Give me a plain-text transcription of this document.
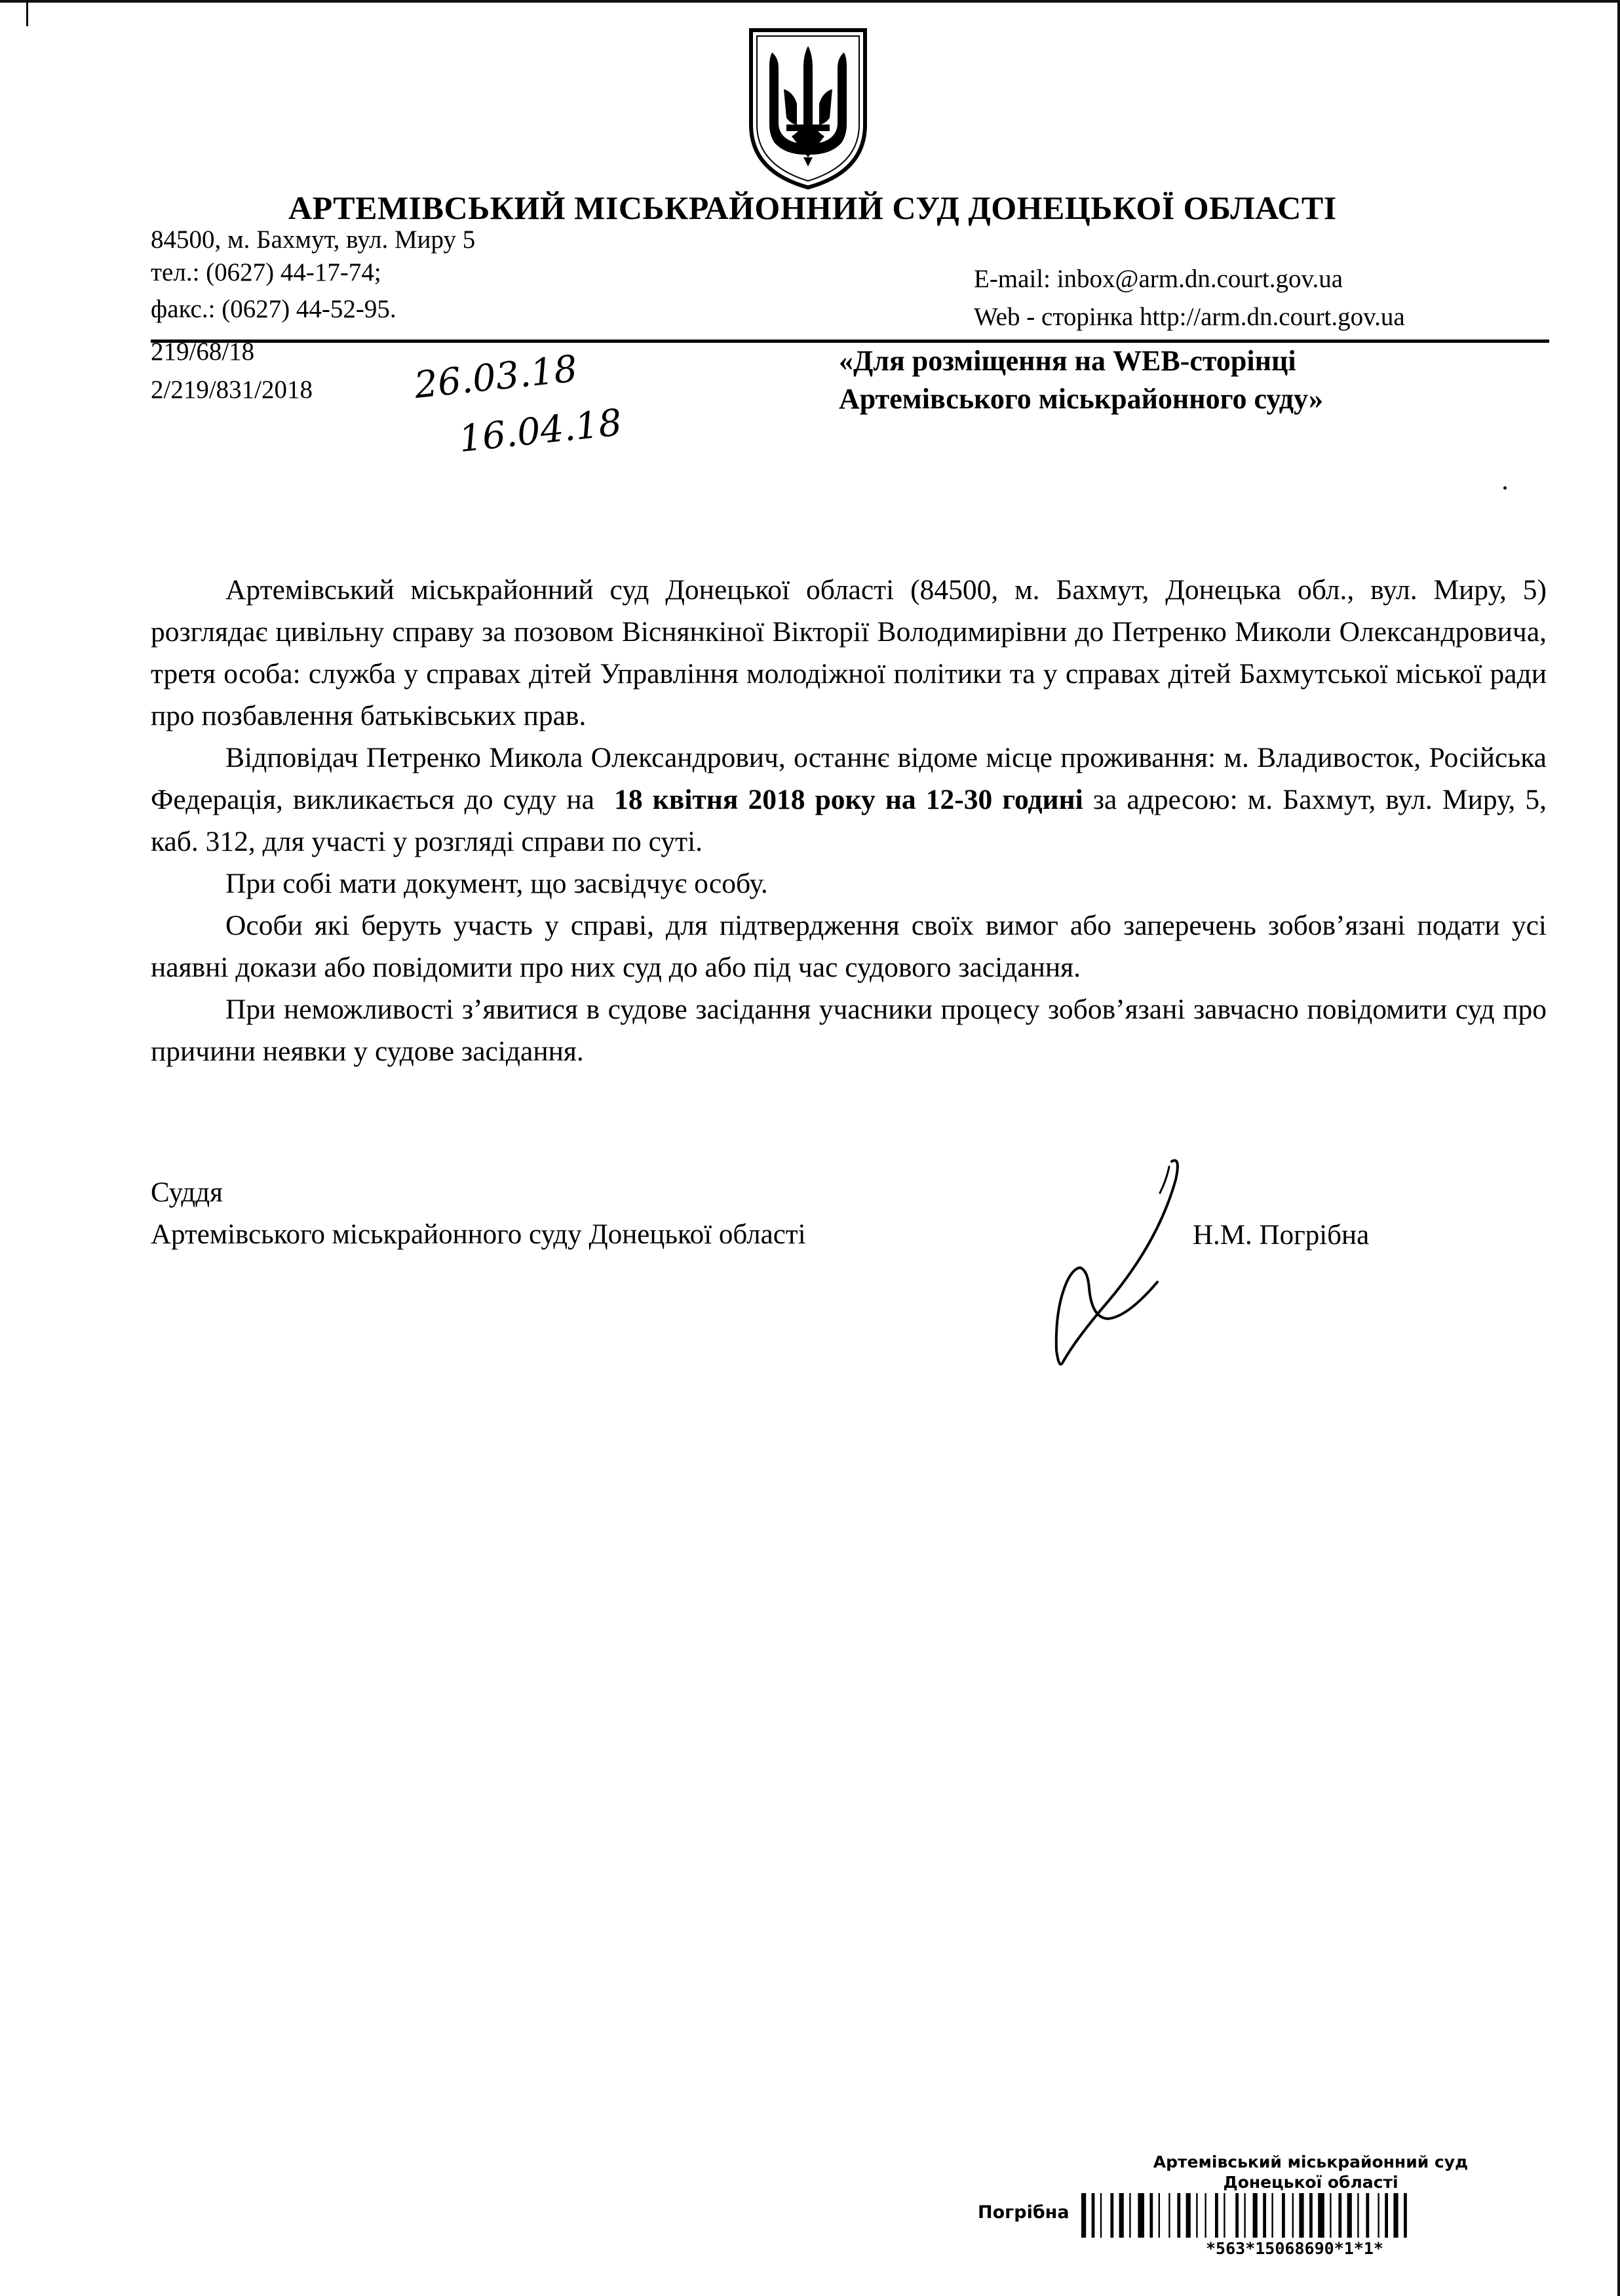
АРТЕМІВСЬКИЙ МІСЬКРАЙОННИЙ СУД ДОНЕЦЬКОЇ ОБЛАСТІ
84500, м. Бахмут, вул. Миру 5
тел.: (0627) 44-17-74;
факс.: (0627) 44-52-95.
E-mail: inbox@arm.dn.court.gov.ua
Web - сторінка http://arm.dn.court.gov.ua
219/68/18
2/219/831/2018	26.03.18
16.04.18
«Для розміщення на WEB-сторінці
Артемівського міськрайонного суду»

Артемівський міськрайонний суд Донецької області (84500, м. Бахмут, Донецька обл., вул. Миру, 5) розглядає цивільну справу за позовом Віснянкіної Вікторії Володимирівни до Петренко Миколи Олександровича, третя особа: служба у справах дітей Управління молодіжної політики та у справах дітей Бахмутської міської ради про позбавлення батьківських прав.

Відповідач Петренко Микола Олександрович, останнє відоме місце проживання: м. Владивосток, Російська Федерація, викликається до суду на 18 квітня 2018 року на 12-30 годині за адресою: м. Бахмут, вул. Миру, 5, каб. 312, для участі у розгляді справи по суті.

При собі мати документ, що засвідчує особу.

Особи які беруть участь у справі, для підтвердження своїх вимог або заперечень зобов’язані подати усі наявні докази або повідомити про них суд до або під час судового засідання.

При неможливості з’явитися в судове засідання учасники процесу зобов’язані завчасно повідомити суд про причини неявки у судове засідання.

Суддя
Артемівського міськрайонного суду Донецької області	Н.М. Погрібна
Артемівський міськрайонний суд
Донецької області
Погрібна
*563*15068690*1*1*
